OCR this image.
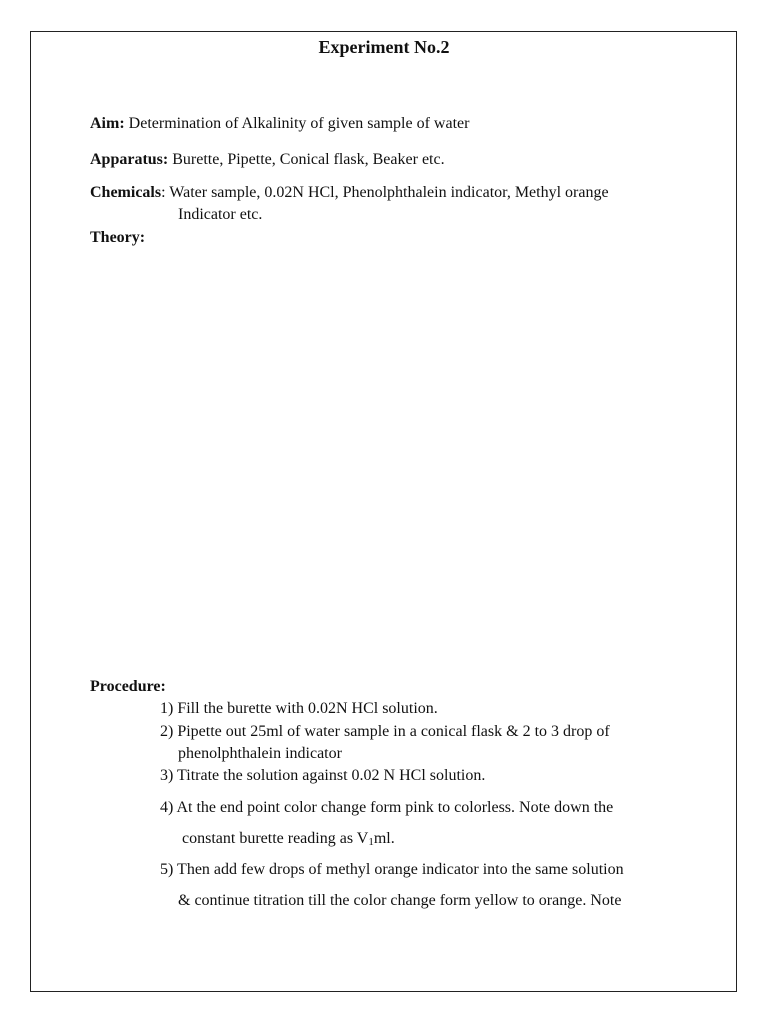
Experiment No.2
Aim: Determination of Alkalinity of given sample of water
Apparatus: Burette, Pipette, Conical flask, Beaker etc.
Chemicals: Water sample, 0.02N HCl, Phenolphthalein indicator, Methyl orange
Indicator etc.
Theory:
Procedure:
1) Fill the burette with 0.02N HCl solution.
2) Pipette out 25ml of water sample in a conical flask & 2 to 3 drop of
phenolphthalein indicator
3) Titrate the solution against 0.02 N HCl solution.
4) At the end point color change form pink to colorless. Note down the
constant burette reading as V1ml.
5) Then add few drops of methyl orange indicator into the same solution
& continue titration till the color change form yellow to orange. Note
